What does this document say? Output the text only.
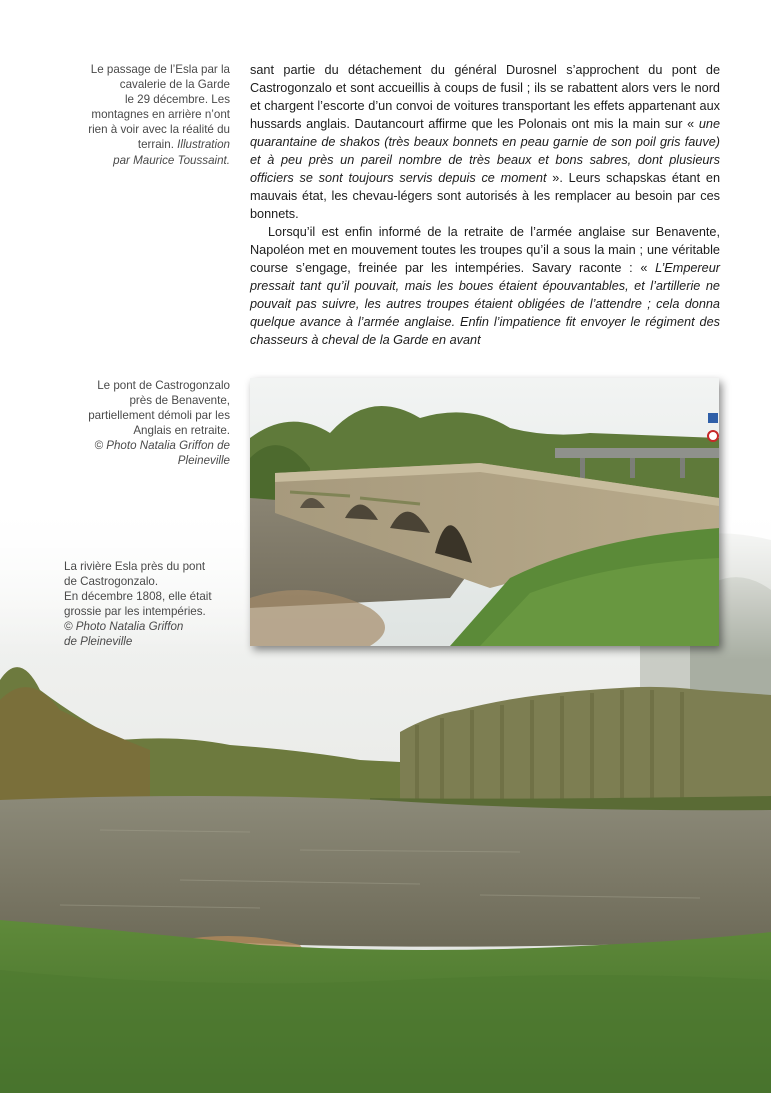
Le passage de l’Esla par la
cavalerie de la Garde
le 29 décembre. Les
montagnes en arrière n’ont
rien à voir avec la réalité du
terrain. Illustration
par Maurice Toussaint.

sant partie du détachement du général Durosnel s’approchent du pont de Castrogonzalo et sont accueillis à coups de fusil ; ils se rabattent alors vers le nord et chargent l’escorte d’un convoi de voitures transportant les effets appartenant aux hussards anglais. Dautancourt affirme que les Polonais ont mis la main sur « une quarantaine de shakos (très beaux bonnets en peau garnie de son poil gris fauve) et à peu près un pareil nombre de très beaux et bons sabres, dont plusieurs officiers se sont toujours servis depuis ce moment ». Leurs schapskas étant en mauvais état, les chevau-légers sont autorisés à les remplacer au besoin par ces bonnets.

Lorsqu’il est enfin informé de la retraite de l’armée anglaise sur Benavente, Napoléon met en mouvement toutes les troupes qu’il a sous la main ; une véritable course s’engage, freinée par les intempéries. Savary raconte : « L’Empereur pressait tant qu’il pouvait, mais les boues étaient épouvantables, et l’artillerie ne pouvait pas suivre, les autres troupes étaient obligées de l’attendre ; cela donna quelque avance à l’armée anglaise. Enfin l’impatience fit envoyer le régiment des chasseurs à cheval de la Garde en avant

Le pont de Castrogonzalo
près de Benavente,
partiellement démoli par les
Anglais en retraite.
© Photo Natalia Griffon de
Pleineville
La rivière Esla près du pont
de Castrogonzalo.
En décembre 1808, elle était
grossie par les intempéries.
© Photo Natalia Griffon
de Pleineville
